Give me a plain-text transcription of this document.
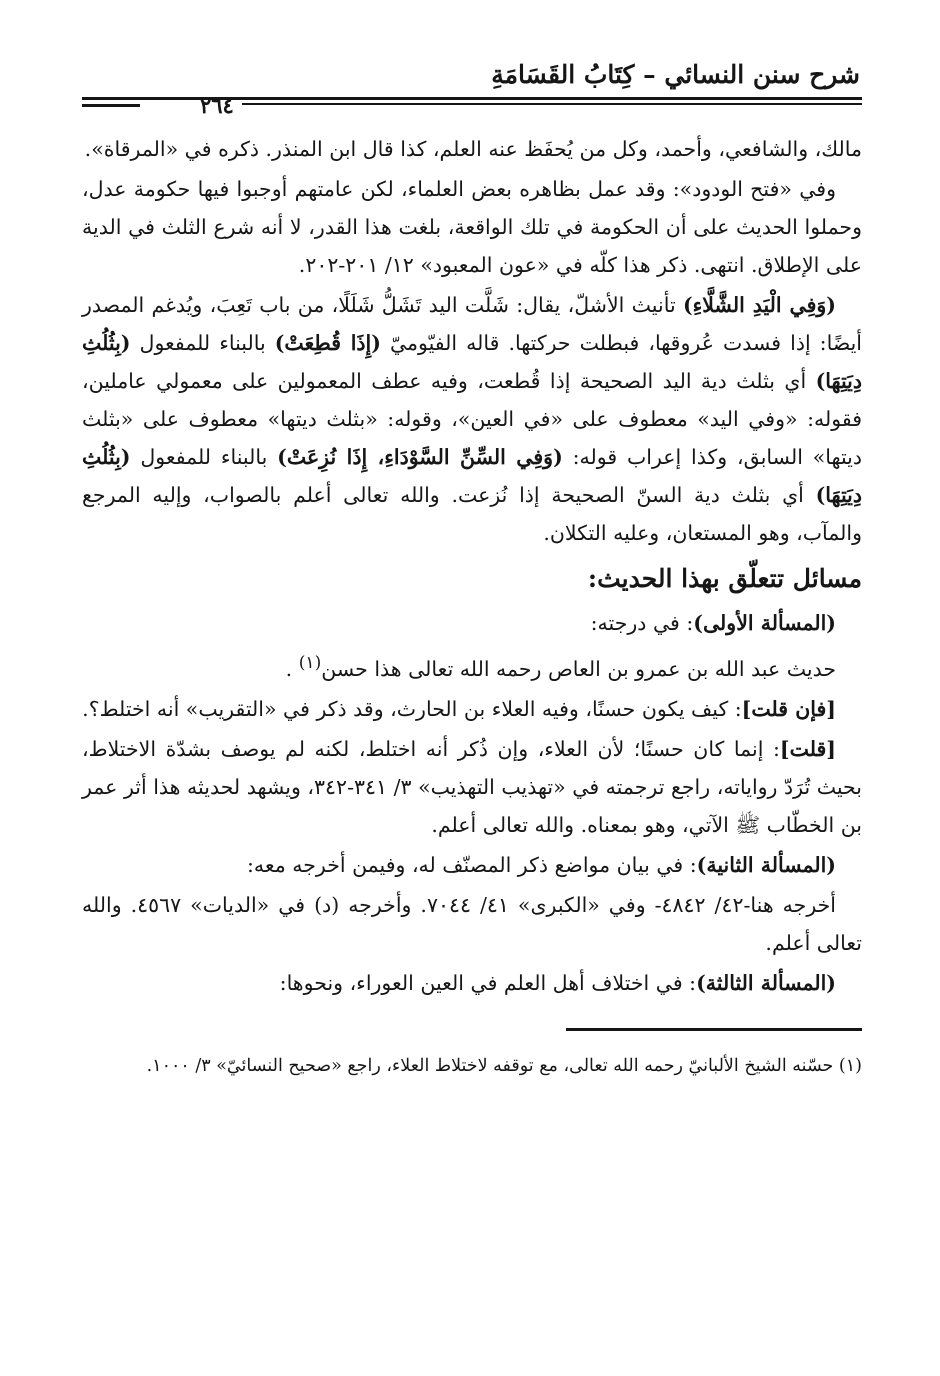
شرح سنن النسائي – كِتَابُ القَسَامَةِ
٢٦٤

مالك، والشافعي، وأحمد، وكل من يُحفَظ عنه العلم، كذا قال ابن المنذر. ذكره في «المرقاة».

وفي «فتح الودود»: وقد عمل بظاهره بعض العلماء، لكن عامتهم أوجبوا فيها حكومة عدل، وحملوا الحديث على أن الحكومة في تلك الواقعة، بلغت هذا القدر، لا أنه شرع الثلث في الدية على الإطلاق. انتهى. ذكر هذا كلّه في «عون المعبود» ١٢/ ٢٠١-٢٠٢.

(وَفِي الْيَدِ الشَّلَّاءِ) تأنيث الأشلّ، يقال: شَلَّت اليد تَشَلُّ شَلَلًا، من باب تَعِبَ، ويُدغم المصدر أيضًا: إذا فسدت عُروقها، فبطلت حركتها. قاله الفيّوميّ (إِذَا قُطِعَتْ) بالبناء للمفعول (بِثُلُثِ دِيَتِهَا) أي بثلث دية اليد الصحيحة إذا قُطعت، وفيه عطف المعمولين على معمولي عاملين، فقوله: «وفي اليد» معطوف على «في العين»، وقوله: «بثلث ديتها» معطوف على «بثلث ديتها» السابق، وكذا إعراب قوله: (وَفِي السِّنِّ السَّوْدَاءِ، إِذَا نُزِعَتْ) بالبناء للمفعول (بِثُلُثِ دِيَتِهَا) أي بثلث دية السنّ الصحيحة إذا نُزعت. والله تعالى أعلم بالصواب، وإليه المرجع والمآب، وهو المستعان، وعليه التكلان.

مسائل تتعلّق بهذا الحديث:

(المسألة الأولى): في درجته:

حديث عبد الله بن عمرو بن العاص رحمه الله تعالى هذا حسن$^{(١)}$ .

[فإن قلت]: كيف يكون حسنًا، وفيه العلاء بن الحارث، وقد ذكر في «التقريب» أنه اختلط؟.

[قلت]: إنما كان حسنًا؛ لأن العلاء، وإن ذُكر أنه اختلط، لكنه لم يوصف بشدّة الاختلاط، بحيث تُرَدّ رواياته، راجع ترجمته في «تهذيب التهذيب» ٣/ ٣٤١-٣٤٢، ويشهد لحديثه هذا أثر عمر بن الخطّاب ﷺ الآتي، وهو بمعناه. والله تعالى أعلم.

(المسألة الثانية): في بيان مواضع ذكر المصنّف له، وفيمن أخرجه معه:

أخرجه هنا-٤٢/ ٤٨٤٢- وفي «الكبرى» ٤١/ ٧٠٤٤. وأخرجه (د) في «الديات» ٤٥٦٧. والله تعالى أعلم.

(المسألة الثالثة): في اختلاف أهل العلم في العين العوراء، ونحوها:

(١) حسّنه الشيخ الألبانيّ رحمه الله تعالى، مع توقفه لاختلاط العلاء، راجع «صحيح النسائيّ» ٣/ ١٠٠٠.
